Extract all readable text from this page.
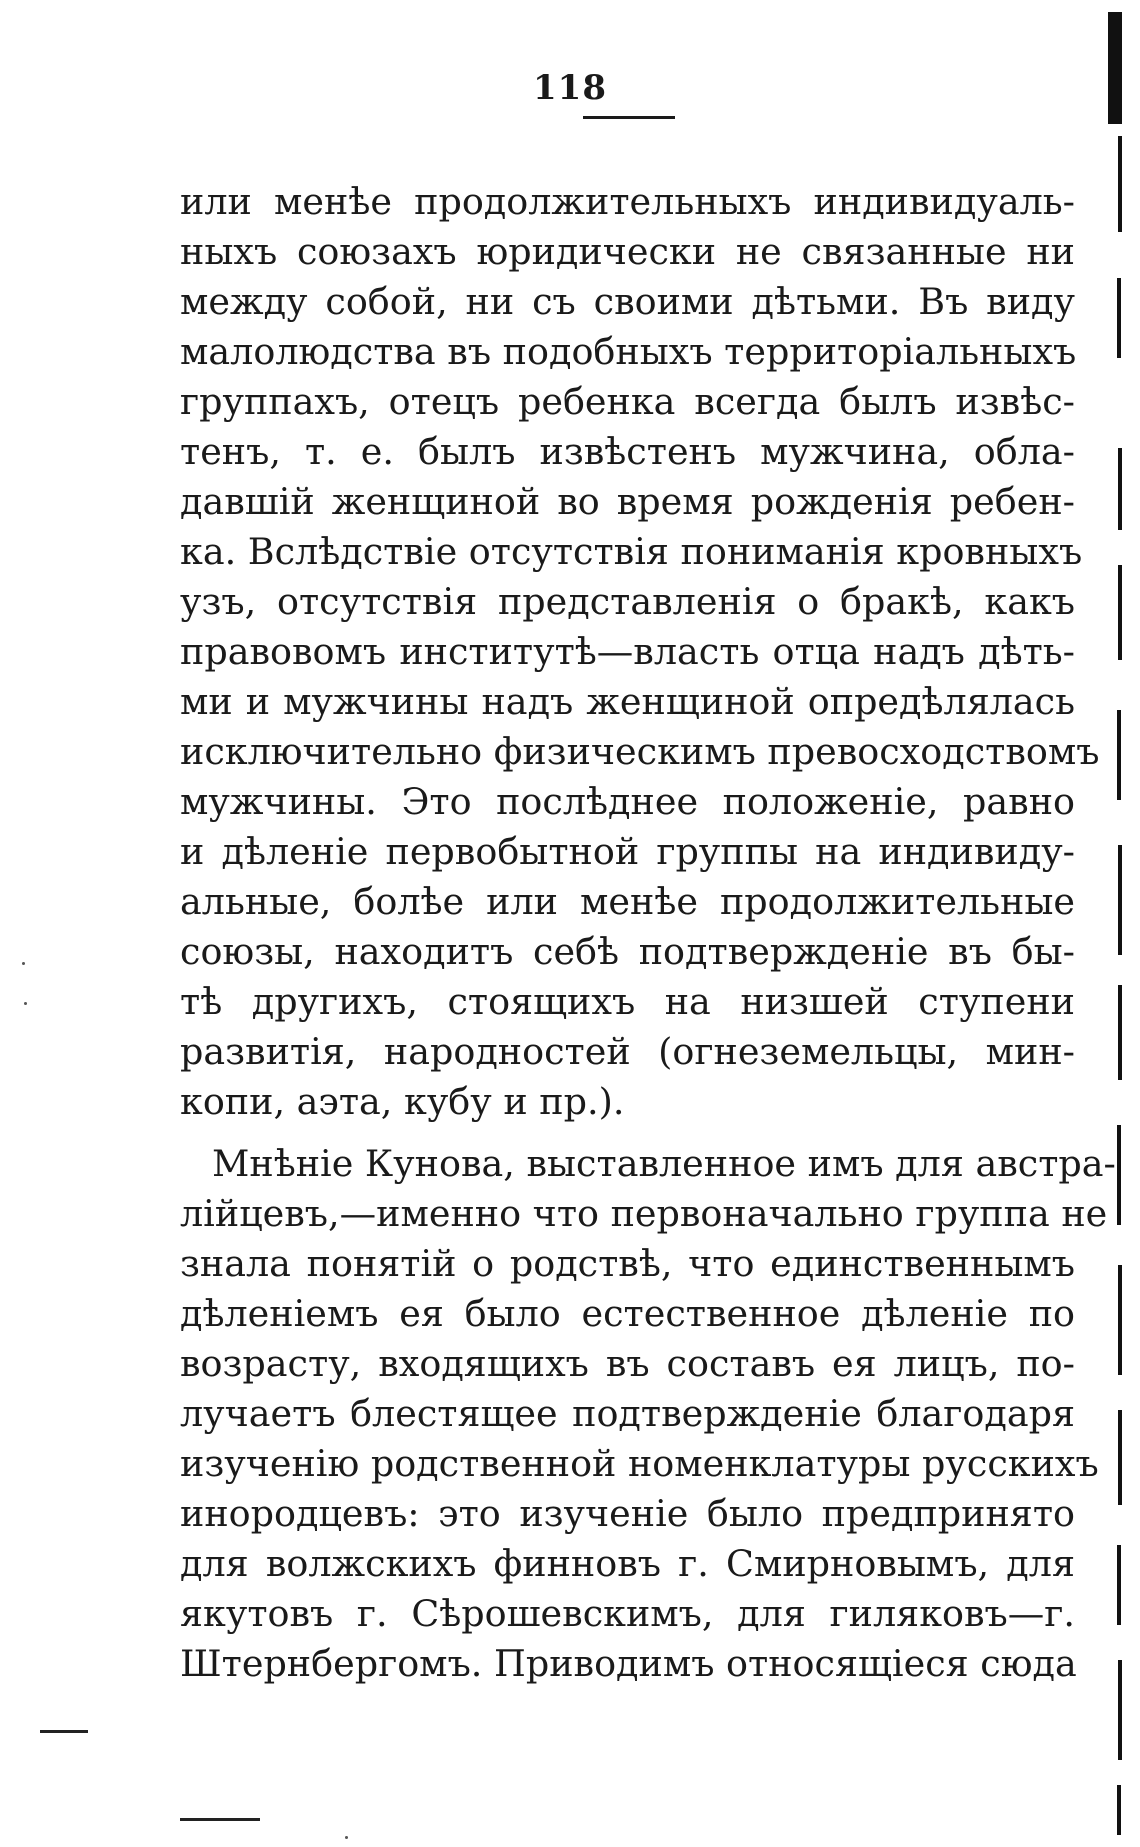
118
или менѣе продолжительныхъ индивидуаль-
ныхъ союзахъ юридически не связанные ни
между собой, ни съ своими дѣтьми. Въ виду
малолюдства въ подобныхъ территоріальныхъ
группахъ, отецъ ребенка всегда былъ извѣс-
тенъ, т. е. былъ извѣстенъ мужчина, обла-
давшій женщиной во время рожденія ребен-
ка. Вслѣдствіе отсутствія пониманія кровныхъ
узъ, отсутствія представленія о бракѣ, какъ
правовомъ институтѣ—власть отца надъ дѣть-
ми и мужчины надъ женщиной опредѣлялась
исключительно физическимъ превосходствомъ
мужчины. Это послѣднее положеніе, равно
и дѣленіе первобытной группы на индивиду-
альные, болѣе или менѣе продолжительные
союзы, находитъ себѣ подтвержденіе въ бы-
тѣ другихъ, стоящихъ на низшей ступени
развитія, народностей (огнеземельцы, мин-
копи, аэта, кубу и пр.).
Мнѣніе Кунова, выставленное имъ для австра-
лійцевъ,—именно что первоначально группа не
знала понятій о родствѣ, что единственнымъ
дѣленіемъ ея было естественное дѣленіе по
возрасту, входящихъ въ составъ ея лицъ, по-
лучаетъ блестящее подтвержденіе благодаря
изученію родственной номенклатуры русскихъ
инородцевъ: это изученіе было предпринято
для волжскихъ финновъ г. Смирновымъ, для
якутовъ г. Сѣрошевскимъ, для гиляковъ—г.
Штернбергомъ. Приводимъ относящіеся сюда
